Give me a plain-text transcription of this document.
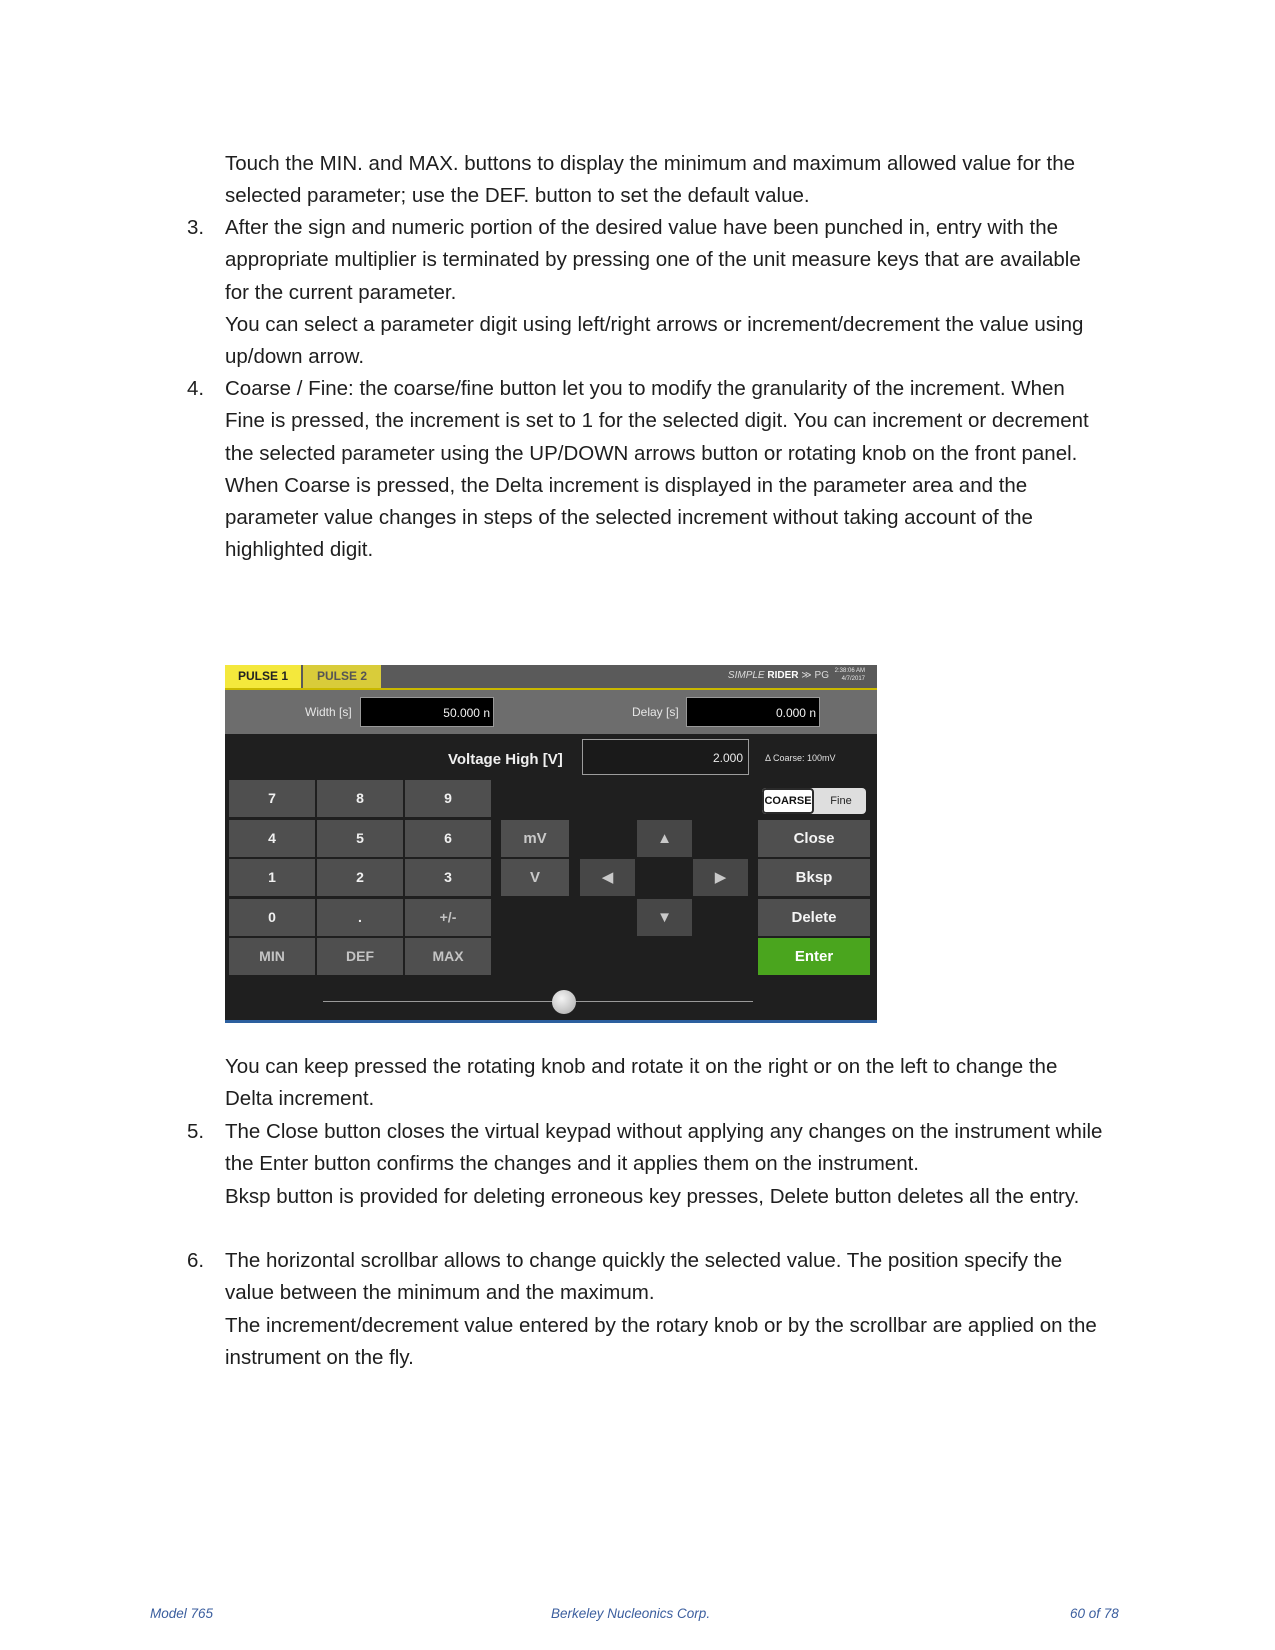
Touch the MIN. and MAX. buttons to display the minimum and maximum allowed value for the selected parameter; use the DEF. button to set the default value.

3. After the sign and numeric portion of the desired value have been punched in, entry with the appropriate multiplier is terminated by pressing one of the unit measure keys that are available for the current parameter.

You can select a parameter digit using left/right arrows or increment/decrement the value using up/down arrow.

4. Coarse / Fine: the coarse/fine button let you to modify the granularity of the increment. When Fine is pressed, the increment is set to 1 for the selected digit. You can increment or decrement the selected parameter using the UP/DOWN arrows button or rotating knob on the front panel.

When Coarse is pressed, the Delta increment is displayed in the parameter area and the parameter value changes in steps of the selected increment without taking account of the highlighted digit.

PULSE 1	PULSE 2	SIMPLE RIDER ≫ PG 2:38:06 AM
4/7/2017
Width [s]	50.000 n	Delay [s]	0.000 n
Voltage High [V]	2.000	Δ Coarse: 100mV
COARSE	Fine
7	8	9
4	5	6
1	2	3
0	.	+/-
MIN	DEF	MAX
mV
V
▲
◀	▶
▼
Close
Bksp
Delete
Enter

You can keep pressed the rotating knob and rotate it on the right or on the left to change the Delta increment.

5. The Close button closes the virtual keypad without applying any changes on the instrument while the Enter button confirms the changes and it applies them on the instrument.

Bksp button is provided for deleting erroneous key presses, Delete button deletes all the entry.

6. The horizontal scrollbar allows to change quickly the selected value. The position specify the value between the minimum and the maximum.

The increment/decrement value entered by the rotary knob or by the scrollbar are applied on the instrument on the fly.

Model 765	Berkeley Nucleonics Corp.	60 of 78
